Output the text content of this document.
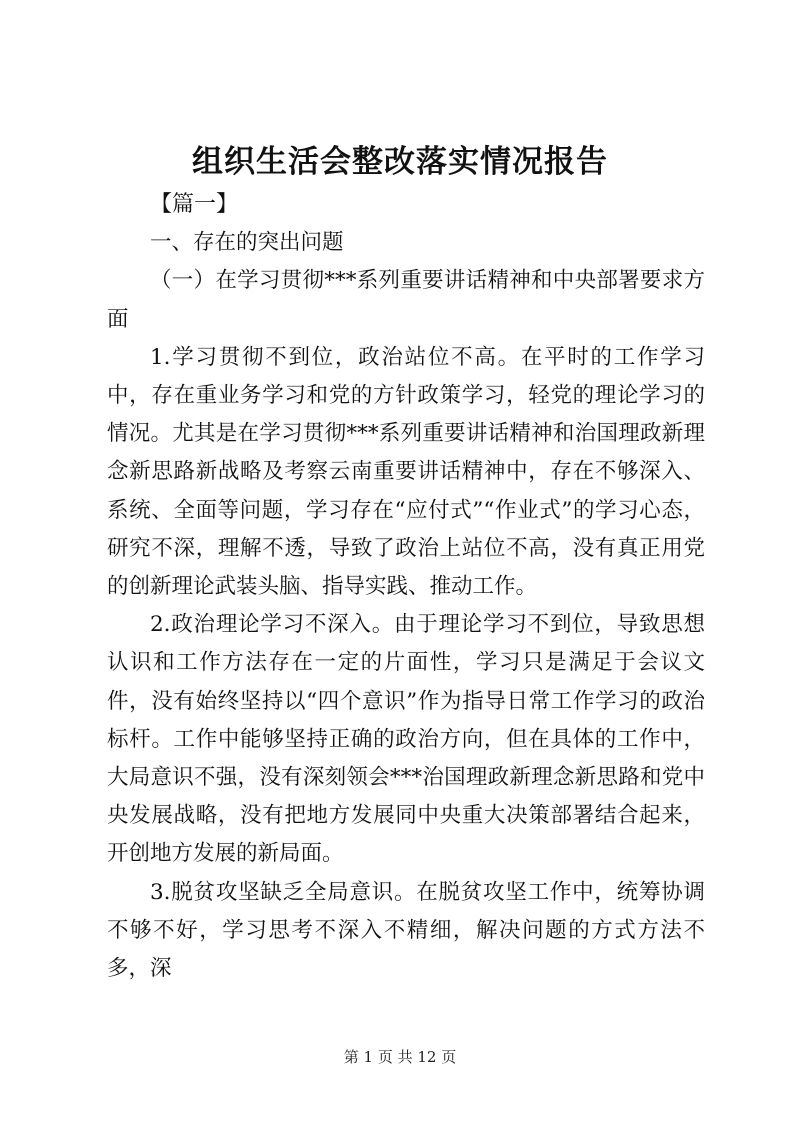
组织生活会整改落实情况报告

【篇一】

一、存在的突出问题

（一）在学习贯彻***系列重要讲话精神和中央部署要求方面

1.学习贯彻不到位，政治站位不高。在平时的工作学习中，存在重业务学习和党的方针政策学习，轻党的理论学习的情况。尤其是在学习贯彻***系列重要讲话精神和治国理政新理念新思路新战略及考察云南重要讲话精神中，存在不够深入、系统、全面等问题，学习存在“应付式”“作业式”的学习心态，研究不深，理解不透，导致了政治上站位不高，没有真正用党的创新理论武装头脑、指导实践、推动工作。

2.政治理论学习不深入。由于理论学习不到位，导致思想认识和工作方法存在一定的片面性，学习只是满足于会议文件，没有始终坚持以“四个意识”作为指导日常工作学习的政治标杆。工作中能够坚持正确的政治方向，但在具体的工作中，大局意识不强，没有深刻领会***治国理政新理念新思路和党中央发展战略，没有把地方发展同中央重大决策部署结合起来，开创地方发展的新局面。

3.脱贫攻坚缺乏全局意识。在脱贫攻坚工作中，统筹协调不够不好，学习思考不深入不精细，解决问题的方式方法不多，深

第 1 页 共 12 页
